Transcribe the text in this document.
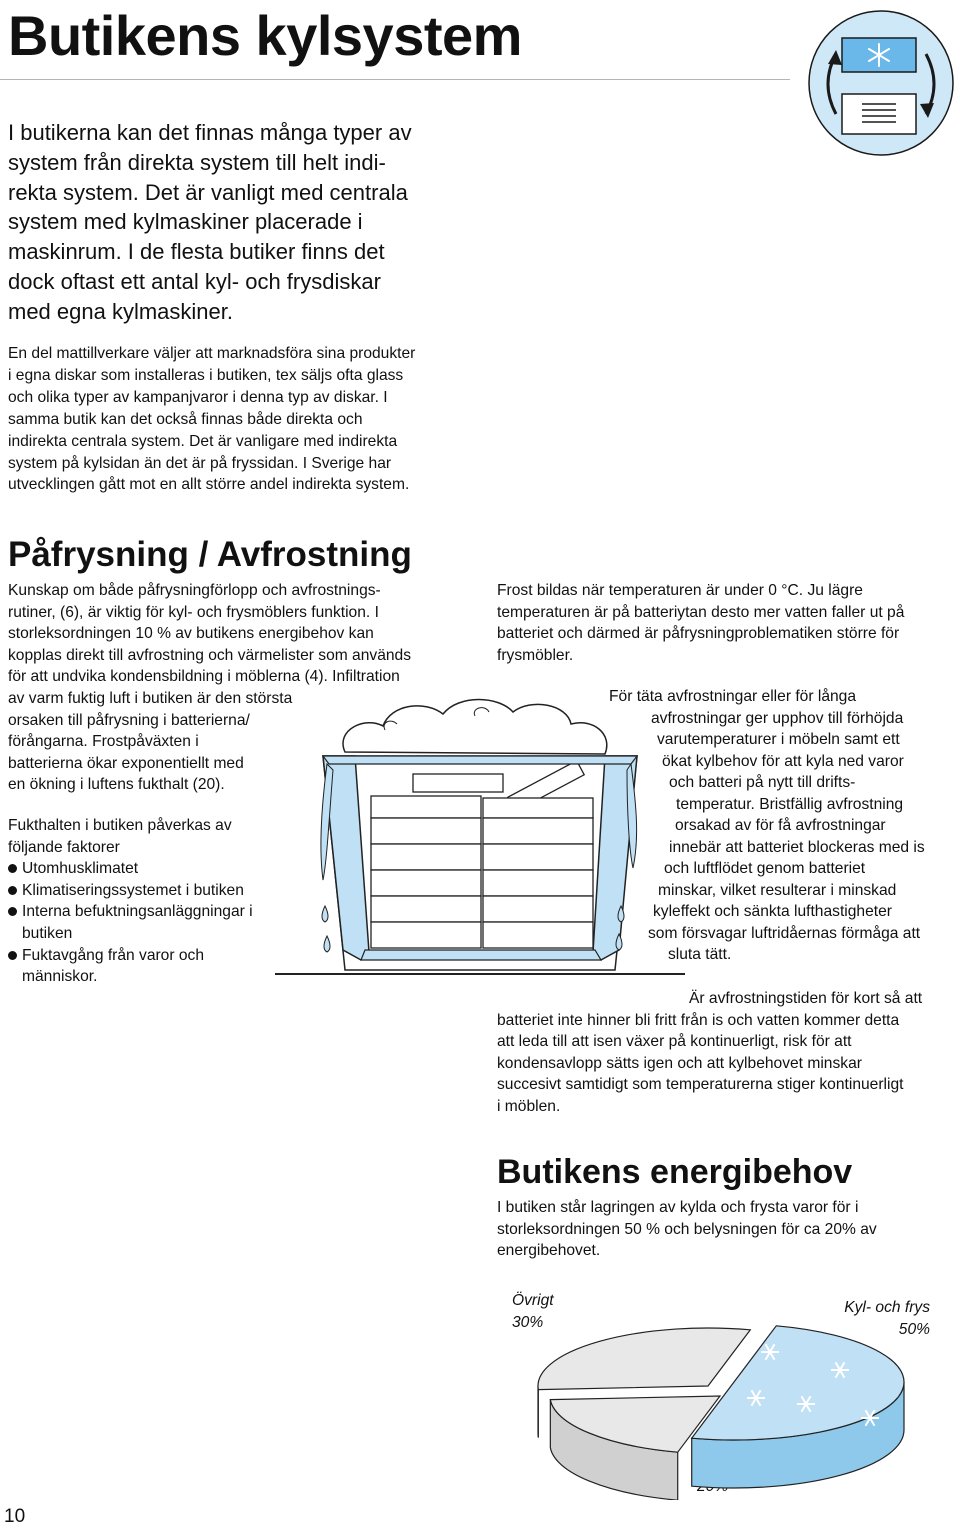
Butikens kylsystem
I butikerna kan det finnas många typer av
system från direkta system till helt indi-
rekta system. Det är vanligt med centrala
system med kylmaskiner placerade i
maskinrum. I de flesta butiker finns det
dock oftast ett antal kyl- och frysdiskar
med egna kylmaskiner.
En del mattillverkare väljer att marknadsföra sina produkter
i egna diskar som installeras i butiken, tex säljs ofta glass
och olika typer av kampanjvaror i denna typ av diskar. I
samma butik kan det också finnas både direkta och
indirekta centrala system. Det är vanligare med indirekta
system på kylsidan än det är på fryssidan. I Sverige har
utvecklingen gått mot en allt större andel indirekta system.
Påfrysning / Avfrostning
Kunskap om både påfrysningförlopp och avfrostnings-
rutiner, (6), är viktig för kyl- och frysmöblers funktion. I
storleksordningen 10 % av butikens energibehov kan
kopplas direkt till avfrostning och värmelister som används
för att undvika kondensbildning i möblerna (4). Infiltration
av varm fuktig luft i butiken är den största
orsaken till påfrysning i batterierna/
förångarna. Frostpåväxten i
batterierna ökar exponentiellt med
en ökning i luftens fukthalt (20).
Fukthalten i butiken påverkas av
följande faktorer
Utomhusklimatet
Klimatiseringssystemet i butiken
Interna befuktningsanläggningar i
butiken
Fuktavgång från varor och
människor.
Frost bildas när temperaturen är under 0 °C. Ju lägre
temperaturen är på batteriytan desto mer vatten faller ut på
batteriet och därmed är påfrysningproblematiken större för
frysmöbler.
För täta avfrostningar eller för långa
avfrostningar ger upphov till förhöjda
varutemperaturer i möbeln samt ett
ökat kylbehov för att kyla ned varor
och batteri på nytt till drifts-
temperatur. Bristfällig avfrostning
orsakad av för få avfrostningar
innebär att batteriet blockeras med is
och luftflödet genom batteriet
minskar, vilket resulterar i minskad
kyleffekt och sänkta lufthastigheter
som försvagar luftridåernas förmåga att
sluta tätt.
Är avfrostningstiden för kort så att
batteriet inte hinner bli fritt från is och vatten kommer detta
att leda till att isen växer på kontinuerligt, risk för att
kondensavlopp sätts igen och att kylbehovet minskar
succesivt samtidigt som temperaturerna stiger kontinuerligt
i möblen.
Butikens energibehov
I butiken står lagringen av kylda och frysta varor för i
storleksordningen 50 % och belysningen för ca 20% av
energibehovet.
Övrigt
30%
Kyl- och frys
50%
10
